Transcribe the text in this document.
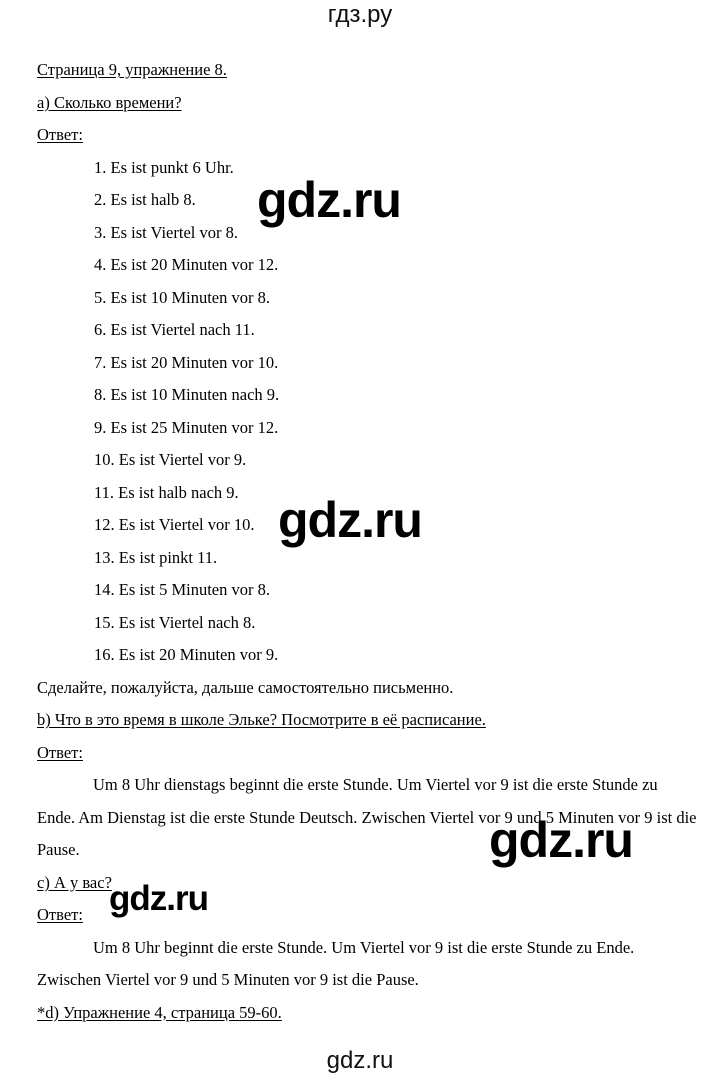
гдз.ру
Страница 9, упражнение 8.
a) Сколько времени?
Ответ:
1. Es ist punkt 6 Uhr.
2. Es ist halb 8.
3. Es ist Viertel vor 8.
4. Es ist 20 Minuten vor 12.
5. Es ist 10 Minuten vor 8.
6. Es ist Viertel nach 11.
7. Es ist 20 Minuten vor 10.
8. Es ist 10 Minuten nach 9.
9. Es ist 25 Minuten vor 12.
10. Es ist Viertel vor 9.
11. Es ist halb nach 9.
12. Es ist Viertel vor 10.
13. Es ist pinkt 11.
14. Es ist 5 Minuten vor 8.
15. Es ist Viertel nach 8.
16. Es ist 20 Minuten vor 9.
Сделайте, пожалуйста, дальше самостоятельно письменно.
b) Что в это время в школе Эльке? Посмотрите в её расписание.
Ответ:

Um 8 Uhr dienstags beginnt die erste Stunde. Um Viertel vor 9 ist die erste Stunde zu Ende. Am Dienstag ist die erste Stunde Deutsch. Zwischen Viertel vor 9 und 5 Minuten vor 9 ist die Pause.

c) А у вас?
Ответ:

Um 8 Uhr beginnt die erste Stunde. Um Viertel vor 9 ist die erste Stunde zu Ende. Zwischen Viertel vor 9 und 5 Minuten vor 9 ist die Pause.

*d) Упражнение 4, страница 59-60.
gdz.ru
gdz.ru
gdz.ru
gdz.ru
gdz.ru
